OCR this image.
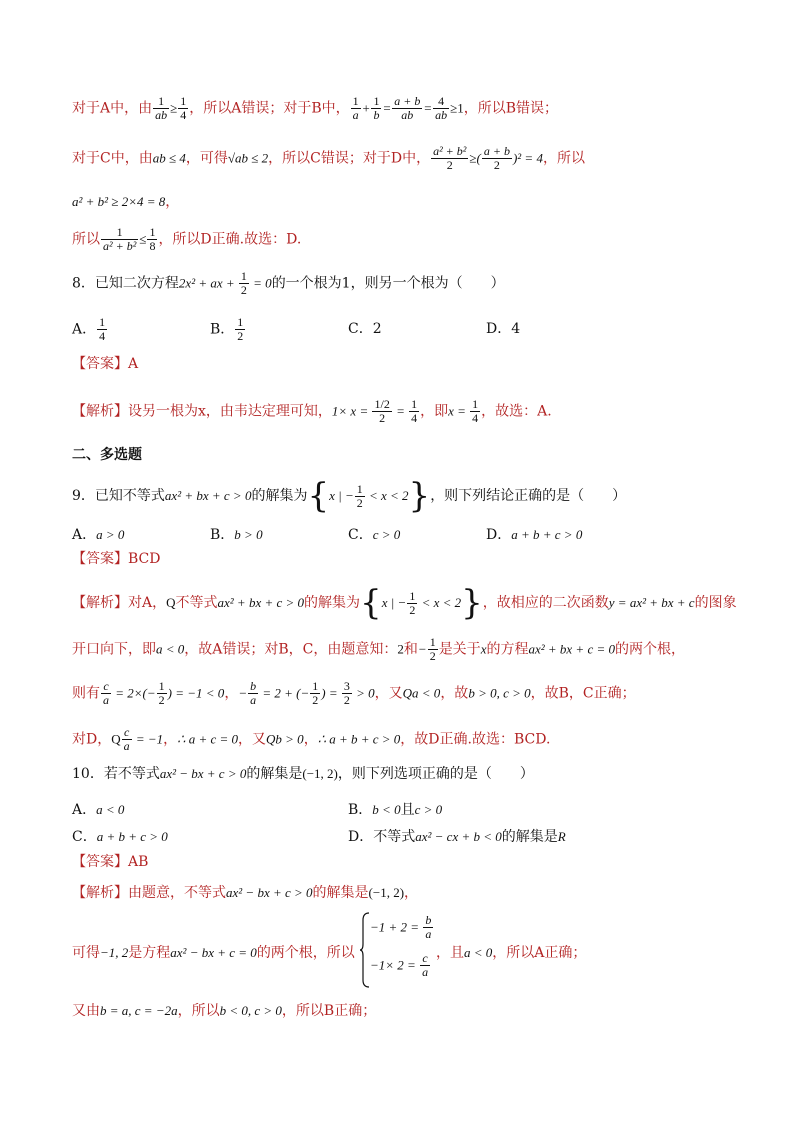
对于A中，由 $\frac{1}{ab} \ge \frac{1}{4}$ ，所以A错误；对于B中， $\frac{1}{a} + \frac{1}{b} = \frac{a + b}{ab} = \frac{4}{ab} \ge 1$，所以B错误；
对于C中，由ab ≤ 4，可得√ab ≤ 2，所以C错误；对于D中， $\frac{\text{a² + b²}}{2}$ ≥( $\frac{a + b}{2} )^2 = 4$，所以
a² + b² ≥ 2×4 = 8，
所以 $\frac{1}{\text{a² + b²}} \le \frac{1}{8}$ ，所以D正确.故选：D.
8．已知二次方程2x² + ax + $\frac{1}{2} = 0$的一个根为1，则另一个根为（　　）
A． $\frac{1}{4}$	B． $\frac{1}{2}$	C．2	D．4
【答案】A
【解析】设另一根为x，由韦达定理可知，$1\times x = \frac{1/2}{2} = \frac{1}{4}$ ，即$x = \frac{1}{4}$ ，故选：A.
二、多选题
9．已知不等式ax² + bx + c > 0的解集为{x | − $\frac{1}{2} < x < 2$}，则下列结论正确的是（　　）
A．a > 0	B．b > 0	C．c > 0	D．a + b + c > 0
【答案】BCD
【解析】对A，Q不等式ax² + bx + c > 0的解集为{x | − $\frac{1}{2} < x < 2$}，故相应的二次函数y = ax² + bx + c的图象
开口向下，即a < 0，故A错误；对B，C，由题意知：2和− $\frac{1}{2}$ 是关于x的方程ax² + bx + c = 0的两个根，
则有 $\frac{c}{a} = 2\times(- \frac{1}{2}$ ) = −1 < 0，− $\frac{b}{a} = 2$ + (− $\frac{1}{2}$ ) = $\frac{3}{2} > 0$，又Qa < 0，故b > 0, c > 0，故B，C正确；
对D，Q $\frac{c}{a} = -1$，∴ a + c = 0，又Qb > 0，∴ a + b + c > 0，故D正确.故选：BCD.
10．若不等式ax² − bx + c > 0的解集是(−1, 2)，则下列选项正确的是（　　）
A．a < 0	B．b < 0且c > 0
C．a + b + c > 0	D．不等式ax² − cx + b < 0的解集是R
【答案】AB
【解析】由题意，不等式ax² − bx + c > 0的解集是(−1, 2)，
可得−1, 2是方程ax² − bx + c = 0的两个根，所以
$-1 + 2 = \frac{b}{a}$
$-1\times 2 = \frac{c}{a}$ ，且a < 0，所以A正确；
又由b = a, c = −2a，所以b < 0, c > 0，所以B正确；
